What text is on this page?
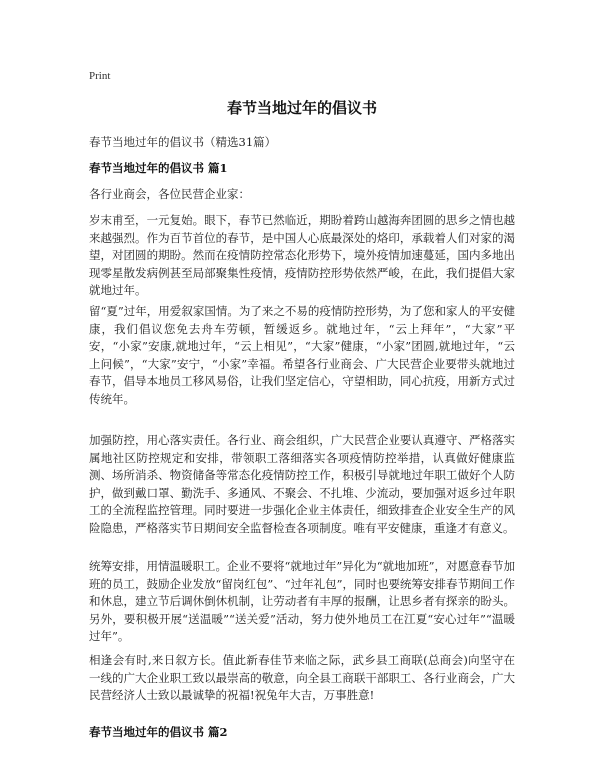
Print
春节当地过年的倡议书

春节当地过年的倡议书（精选31篇）

春节当地过年的倡议书 篇1

各行业商会，各位民营企业家：

岁末甫至，一元复始。眼下，春节已然临近，期盼着跨山越海奔团圆的思乡之情也越来越强烈。作为百节首位的春节，是中国人心底最深处的烙印，承载着人们对家的渴望，对团圆的期盼。然而在疫情防控常态化形势下，境外疫情加速蔓延，国内多地出现零星散发病例甚至局部聚集性疫情，疫情防控形势依然严峻，在此，我们提倡大家就地过年。

留“夏”过年，用爱叙家国情。为了来之不易的疫情防控形势，为了您和家人的平安健康，我们倡议您免去舟车劳顿，暂缓返乡。就地过年，“云上拜年”，“大家”平安，“小家”安康,就地过年，“云上相见”，“大家”健康，“小家”团圆,就地过年，“云上问候”，“大家”安宁，“小家”幸福。希望各行业商会、广大民营企业要带头就地过春节，倡导本地员工移风易俗，让我们坚定信心，守望相助，同心抗疫，用新方式过传统年。

加强防控，用心落实责任。各行业、商会组织，广大民营企业要认真遵守、严格落实属地社区防控规定和安排，带领职工落细落实各项疫情防控举措，认真做好健康监测、场所消杀、物资储备等常态化疫情防控工作，积极引导就地过年职工做好个人防护，做到戴口罩、勤洗手、多通风、不聚会、不扎堆、少流动，要加强对返乡过年职工的全流程监控管理。同时要进一步强化企业主体责任，细致排查企业安全生产的风险隐患，严格落实节日期间安全监督检查各项制度。唯有平安健康，重逢才有意义。

统筹安排，用情温暖职工。企业不要将“就地过年”异化为“就地加班”，对愿意春节加班的员工，鼓励企业发放“留岗红包”、“过年礼包”，同时也要统筹安排春节期间工作和休息，建立节后调休倒休机制，让劳动者有丰厚的报酬，让思乡者有探亲的盼头。另外，要积极开展“送温暖”“送关爱”活动，努力使外地员工在江夏“安心过年”“温暖过年”。

相逢会有时,来日叙方长。值此新春佳节来临之际，武乡县工商联(总商会)向坚守在一线的广大企业职工致以最崇高的敬意，向全县工商联干部职工、各行业商会，广大民营经济人士致以最诚挚的祝福!祝兔年大吉，万事胜意!

春节当地过年的倡议书 篇2
